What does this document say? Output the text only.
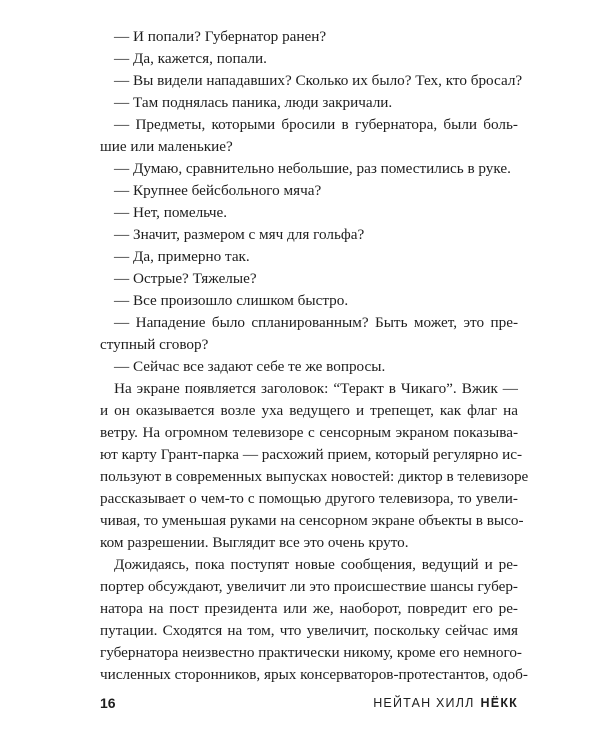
— И попали? Губернатор ранен?
— Да, кажется, попали.
— Вы видели нападавших? Сколько их было? Тех, кто бросал?
— Там поднялась паника, люди закричали.
— Предметы, которыми бросили в губернатора, были боль-
шие или маленькие?
— Думаю, сравнительно небольшие, раз поместились в руке.
— Крупнее бейсбольного мяча?
— Нет, помельче.
— Значит, размером с мяч для гольфа?
— Да, примерно так.
— Острые? Тяжелые?
— Все произошло слишком быстро.
— Нападение было спланированным? Быть может, это пре-
ступный сговор?
— Сейчас все задают себе те же вопросы.
На экране появляется заголовок: “Теракт в Чикаго”. Вжик —
и он оказывается возле уха ведущего и трепещет, как флаг на
ветру. На огромном телевизоре с сенсорным экраном показыва-
ют карту Грант-парка — расхожий прием, который регулярно ис-
пользуют в современных выпусках новостей: диктор в телевизоре
рассказывает о чем-то с помощью другого телевизора, то увели-
чивая, то уменьшая руками на сенсорном экране объекты в высо-
ком разрешении. Выглядит все это очень круто.
Дожидаясь, пока поступят новые сообщения, ведущий и ре-
портер обсуждают, увеличит ли это происшествие шансы губер-
натора на пост президента или же, наоборот, повредит его ре-
путации. Сходятся на том, что увеличит, поскольку сейчас имя
губернатора неизвестно практически никому, кроме его немного-
численных сторонников, ярых консерваторов-протестантов, одоб-
16	НЕЙТАН ХИЛЛ НЁКК
